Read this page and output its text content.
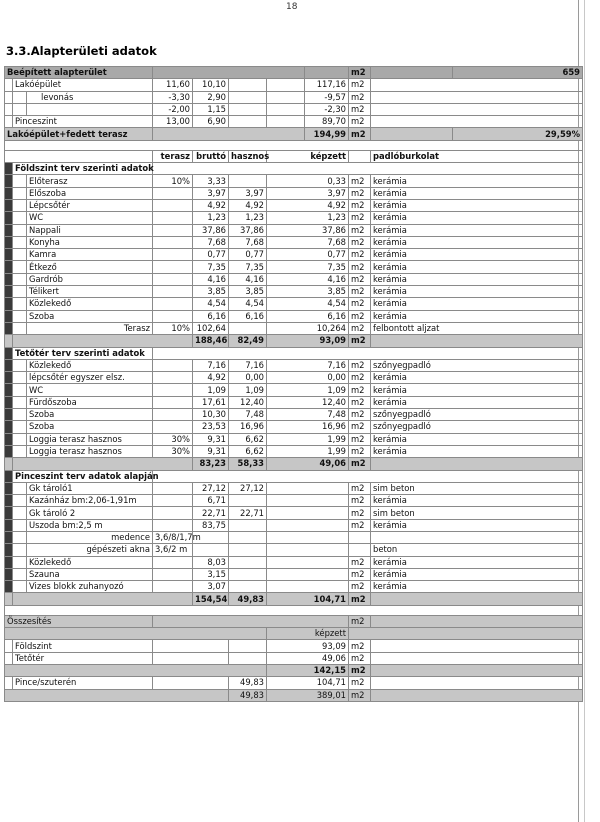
18
3.3.Alapterületi adatok
Beépített alapterület								m2		659
	Lakóépület		11,60	10,10			117,16	m2		
		levonás	-3,30	2,90			-9,57	m2		
			-2,00	1,15			-2,30	m2		
	Pinceszint		13,00	6,90			89,70	m2		
Lakóépület+fedett terasz							194,99	m2		29,59%

			terasz	bruttó	hasznos	képzett			padlóburkolat	
	Földszint terv szerinti adatok									
		Előterasz	10%	3,33		0,33		m2	kerámia	
		Előszoba		3,97	3,97	3,97		m2	kerámia	
		Lépcsőtér		4,92	4,92	4,92		m2	kerámia	
		WC		1,23	1,23	1,23		m2	kerámia	
		Nappali		37,86	37,86	37,86		m2	kerámia	
		Konyha		7,68	7,68	7,68		m2	kerámia	
		Kamra		0,77	0,77	0,77		m2	kerámia	
		Étkező		7,35	7,35	7,35		m2	kerámia	
		Gardrób		4,16	4,16	4,16		m2	kerámia	
		Télikert		3,85	3,85	3,85		m2	kerámia	
		Közlekedő		4,54	4,54	4,54		m2	kerámia	
		Szoba		6,16	6,16	6,16		m2	kerámia	
		Terasz	10%	102,64		10,264		m2	felbontott aljzat	
				188,46	82,49	93,09		m2		
	Tetőtér terv szerinti adatok									
		Közlekedő		7,16	7,16	7,16		m2	szőnyegpadló	
		lépcsőtér egyszer elsz.		4,92	0,00	0,00		m2	kerámia	
		WC		1,09	1,09	1,09		m2	kerámia	
		Fürdőszoba		17,61	12,40	12,40		m2	kerámia	
		Szoba		10,30	7,48	7,48		m2	szőnyegpadló	
		Szoba		23,53	16,96	16,96		m2	szőnyegpadló	
		Loggia terasz hasznos	30%	9,31	6,62	1,99		m2	kerámia	
		Loggia terasz hasznos	30%	9,31	6,62	1,99		m2	kerámia	
				83,23	58,33	49,06		m2		
	Pinceszint terv adatok alapján									
		Gk tároló1		27,12	27,12			m2	sim beton	
		Kazánház bm:2,06-1,91m		6,71				m2	kerámia	
		Gk tároló 2		22,71	22,71			m2	sim beton	
		Uszoda bm:2,5 m		83,75				m2	kerámia	
		medence	3,6/8/1,7m							
		gépészeti akna	3,6/2 m						beton	
		Közlekedő		8,03				m2	kerámia	
		Szauna		3,15				m2	kerámia	
		Vizes blokk zuhanyozó		3,07				m2	kerámia	
				154,54	49,83	104,71		m2		

Összesítés								m2		
						képzett				
	Földszint					93,09		m2		
	Tetőtér					49,06		m2		
						142,15		m2		
	Pince/szuterén				49,83	104,71		m2		
					49,83	389,01		m2		
